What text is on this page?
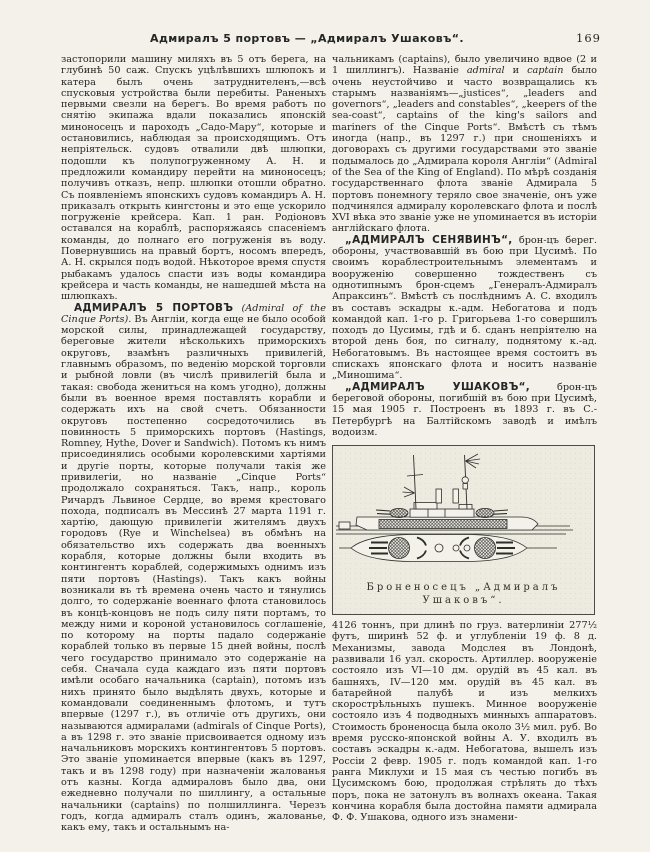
Адмиралъ 5 портовъ — „Адмиралъ Ушаковъ“.	169

застопорили машину миляхъ въ 5 отъ берега, на глубинѣ 50 саж. Спускъ уцѣлѣвшихъ шлюпокъ и катера былъ очень затруднителенъ,—всѣ спусковыя устройства были перебиты. Раненыхъ первыми свезли на берегъ. Во время работъ по снятію экипажа вдали показались японскій миноносецъ и пароходъ „Садо-Мару“, которые и остановились, наблюдая за происходящимъ. Отъ непріятельск. судовъ отвалили двѣ шлюпки, подошли къ полупогруженному А. Н. и предложили командиру перейти на миноносецъ; получивъ отказъ, непр. шлюпки отошли обратно. Съ появленіемъ японскихъ судовъ командиръ А. Н. приказалъ открыть кингстоны и это еще ускорило погруженіе крейсера. Кап. 1 ран. Родіоновъ оставался на кораблѣ, распоряжаясь спасеніемъ команды, до полнаго его погруженія въ воду. Повернувшись на правый бортъ, носомъ впередъ, А. Н. скрылся подъ водой. Нѣкоторое время спустя рыбакамъ удалось спасти изъ воды командира крейсера и часть команды, не нашедшей мѣста на шлюпкахъ.

АДМИРАЛЪ 5 ПОРТОВЪ (Admiral of the Cinque Ports). Въ Англіи, когда еще не было особой морской силы, принадлежащей государству, береговые жители нѣсколькихъ приморскихъ округовъ, взамѣнъ различныхъ привилегій, главнымъ образомъ, по веденію морской торговли и рыбной ловли (въ числѣ привилегій была и такая: свобода жениться на комъ угодно), должны были въ военное время поставлять корабли и содержать ихъ на свой счетъ. Обязанности округовъ постепенно сосредоточились въ повинность 5 приморскихъ портовъ (Hastings, Romney, Hythe, Dover и Sandwich). Потомъ къ нимъ присоединялись особыми королевскими хартіями и другіе порты, которые получали такія же привилегіи, но названіе „Cinque Ports“ продолжало сохраняться. Такъ, напр., король Ричардъ Львиное Сердце, во время крестоваго похода, подписалъ въ Мессинѣ 27 марта 1191 г. хартію, дающую привилегіи жителямъ двухъ городовъ (Rye и Winchelsea) въ обмѣнъ на обязательство ихъ содержать два военныхъ корабля, которые должны были входить въ контингентъ кораблей, содержимыхъ однимъ изъ пяти портовъ (Hastings). Такъ какъ войны возникали въ тѣ времена очень часто и тянулись долго, то содержаніе военнаго флота становилось въ концѣ-концовъ не подъ силу пяти портамъ, то между ними и короной установилось соглашеніе, по которому на порты падало содержаніе кораблей только въ первые 15 дней войны, послѣ чего государство принимало это содержаніе на себя. Сначала суда каждаго изъ пяти портовъ имѣли особаго начальника (captain), потомъ изъ нихъ принято было выдѣлять двухъ, которые и командовали соединеннымъ флотомъ, и тутъ впервые (1297 г.), въ отличіе отъ другихъ, они называются адмиралами (admirals of Cinque Ports), а въ 1298 г. это званіе присвоивается одному изъ начальниковъ морскихъ контингентовъ 5 портовъ. Это званіе упоминается впервые (какъ въ 1297, такъ и въ 1298 году) при назначеніи жалованья отъ казны. Когда адмираловъ было два, они ежедневно получали по шиллингу, а остальные начальники (captains) по полшиллинга. Черезъ годъ, когда адмиралъ сталъ одинъ, жалованье, какъ ему, такъ и остальнымъ на-

чальникамъ (captains), было увеличино вдвое (2 и 1 шиллингъ). Названіе admiral и captain было очень неустойчиво и часто возвращались къ старымъ названіямъ—„justices“, „leaders and governors“, „leaders and constables“, „keepers of the sea-coast“, captains of the king's sailors and mariners of the Cinque Ports“. Вмѣстѣ съ тѣмъ иногда (напр., въ 1297 г.) при сношеніяхъ и договорахъ съ другими государствами это званіе подымалось до „Адмирала короля Англіи“ (Admiral of the Sea of the King of England). По мѣрѣ созданія государственнаго флота званіе Адмирала 5 портовъ понемногу теряло свое значеніе, онъ уже подчинялся адмиралу королевскаго флота и послѣ XVI вѣка это званіе уже не упоминается въ исторіи англійскаго флота.

„АДМИРАЛЪ СЕНЯВИНЪ“, брон-цъ берег. обороны, участвовавшій въ бою при Цусимѣ. По своимъ кораблестроительнымъ элементамъ и вооруженію совершенно тождественъ съ однотипнымъ брон-сцемъ „Генералъ-Адмиралъ Апраксинъ“. Вмѣстѣ съ послѣднимъ А. С. входилъ въ составъ эскадры к.-адм. Небогатова и подъ командой кап. 1-го р. Григорьева 1-го совершилъ походъ до Цусимы, гдѣ и б. сданъ непріятелю на второй день боя, по сигналу, поднятому к.-ад. Небогатовымъ. Въ настоящее время состоитъ въ спискахъ японскаго флота и носитъ названіе „Миношима“.

„АДМИРАЛЪ УШАКОВЪ“,	брон-цъ береговой обороны, погибшій въ бою при Цусимѣ, 15 мая 1905 г. Построенъ въ 1893 г. въ С.-Петербургѣ на Балтійскомъ заводѣ и имѣлъ водоизм.

Броненосецъ „Адмиралъ
Ушаковъ“.

4126 тоннъ, при длинѣ по груз. ватерлиніи 277½ футъ, ширинѣ 52 ф. и углубленіи 19 ф. 8 д. Механизмы, завода Модслея въ Лондонѣ, развивали 16 узл. скорость. Артиллер. вооруженіе состояло изъ VI—10 дм. орудій въ 45 кал. въ башняхъ, IV—120 мм. орудій въ 45 кал. въ батарейной палубѣ и изъ мелкихъ скорострѣльныхъ пушекъ. Минное вооруженіе состояло изъ 4 подводныхъ минныхъ аппаратовъ. Стоимость броненосца была около 3½ мил. руб. Во время русско-японской войны А. У. входилъ въ составъ эскадры к.-адм. Небогатова, вышелъ изъ Россіи 2 февр. 1905 г. подъ командой кап. 1-го ранга Миклухи и 15 мая съ честью погибъ въ Цусимскомъ бою, продолжая стрѣлять до тѣхъ поръ, пока не затонулъ въ волнахъ океана. Такая кончина корабля была достойна памяти адмирала Ф. Ф. Ушакова, одного изъ знамени-
